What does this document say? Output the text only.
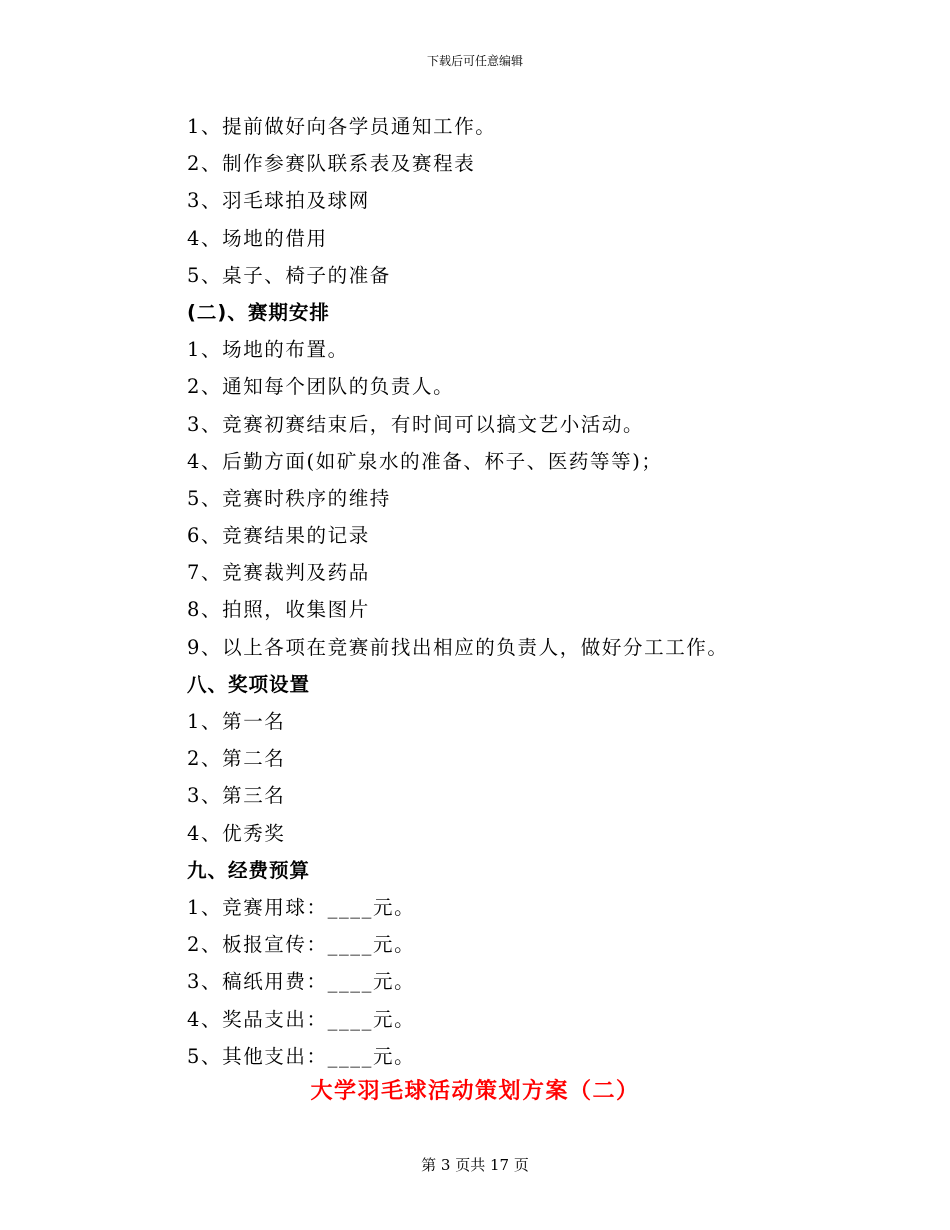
下载后可任意编辑
1、提前做好向各学员通知工作。
2、制作参赛队联系表及赛程表
3、羽毛球拍及球网
4、场地的借用
5、桌子、椅子的准备
(二)、赛期安排
1、场地的布置。
2、通知每个团队的负责人。
3、竞赛初赛结束后，有时间可以搞文艺小活动。
4、后勤方面(如矿泉水的准备、杯子、医药等等)；
5、竞赛时秩序的维持
6、竞赛结果的记录
7、竞赛裁判及药品
8、拍照，收集图片
9、以上各项在竞赛前找出相应的负责人，做好分工工作。
八、奖项设置
1、第一名
2、第二名
3、第三名
4、优秀奖
九、经费预算
1、竞赛用球：____元。
2、板报宣传：____元。
3、稿纸用费：____元。
4、奖品支出：____元。
5、其他支出：____元。
大学羽毛球活动策划方案（二）
第 3 页共 17 页
